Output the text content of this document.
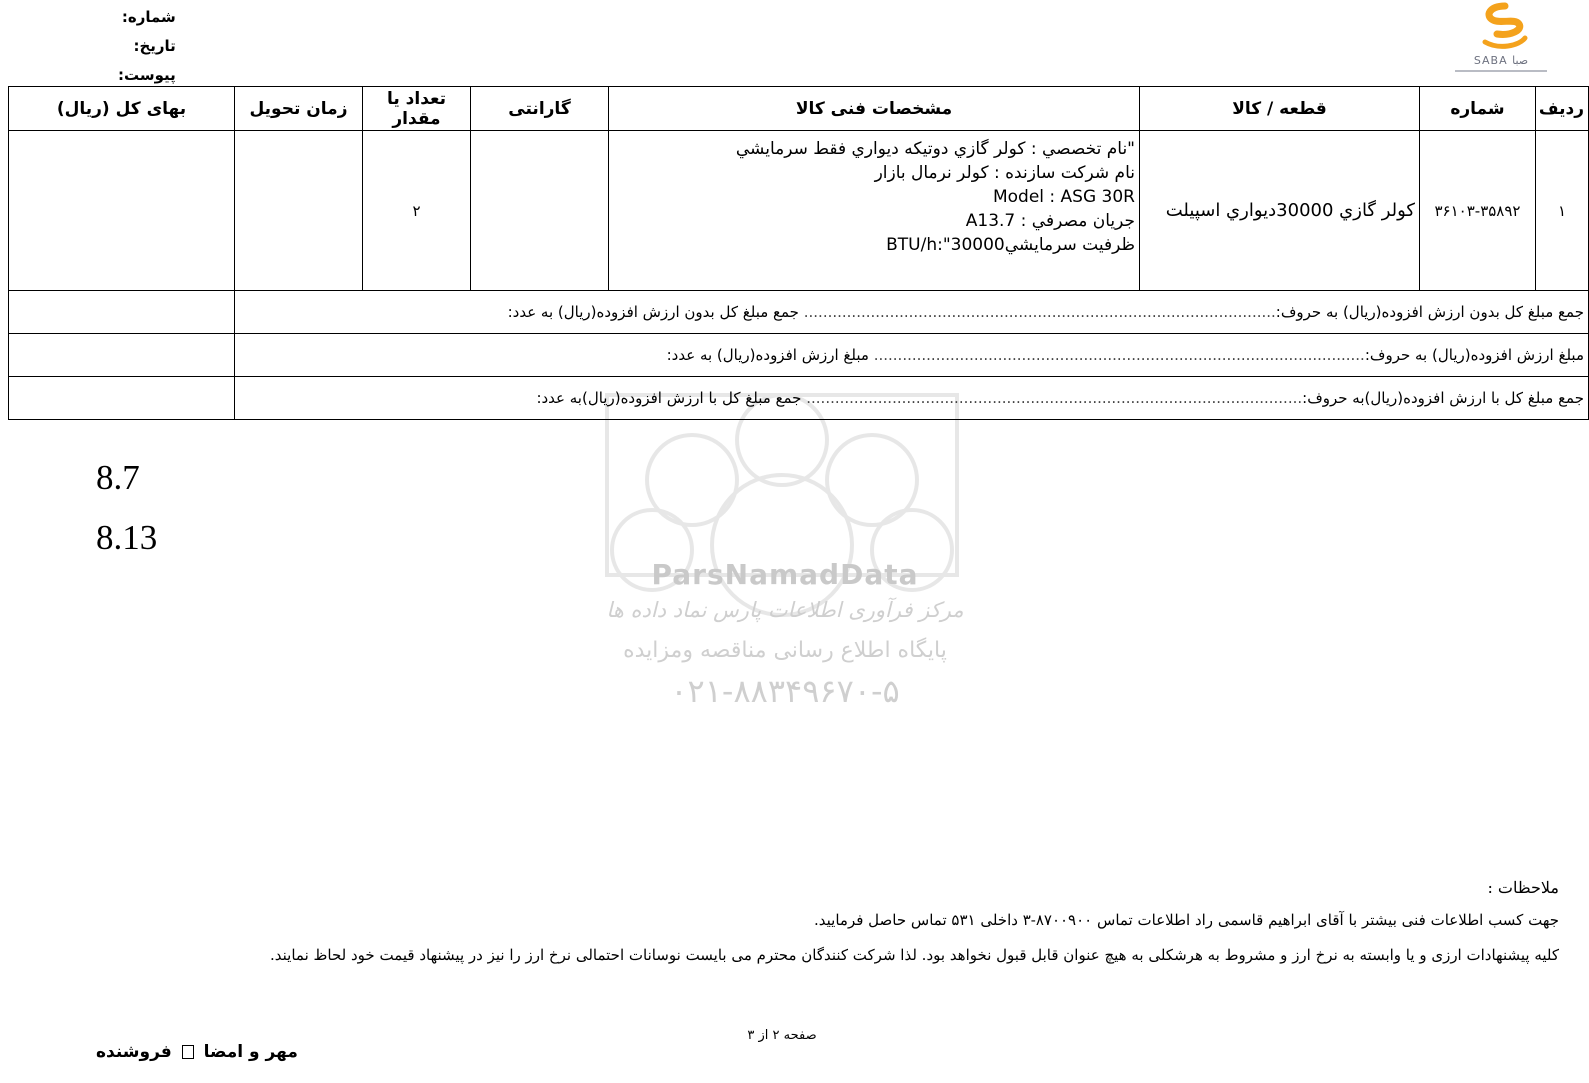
شماره:
تاریخ:
پیوست:
SABA صبا
ParsNamadData
مرکز فرآوری اطلاعات پارس نماد داده ها
پایگاه اطلاع رسانی مناقصه ومزایده
۰۲۱-۸۸۳۴۹۶۷۰-۵
ردیف	شماره	قطعه / کالا	مشخصات فنی کالا	گارانتی	تعداد یا مقدار	زمان تحویل	بهای کل (ریال)
۱	۳۶۱۰۳-۳۵۸۹۲	كولر گازي 30000ديواري اسپيلت	"نام تخصصي : كولر گازي دوتيكه ديواري فقط سرمايشي
نام شركت سازنده : كولر نرمال بازار
Model : ASG 30R
جريان مصرفي : A13.7
ظرفيت سرمايشي30000":BTU/h		۲		
جمع مبلغ کل بدون ارزش افزوده(ریال) به حروف:................................................................................................... جمع مبلغ کل بدون ارزش افزوده(ریال) به عدد:							
مبلغ ارزش افزوده(ریال) به حروف:....................................................................................................... مبلغ ارزش افزوده(ریال) به عدد:							
جمع مبلغ کل با ارزش افزوده(ریال)به حروف:........................................................................................................ جمع مبلغ کل با ارزش افزوده(ریال)به عدد:							
8.7
8.13
ملاحظات :
جهت کسب اطلاعات فنی بیشتر با آقای ابراهیم قاسمی راد اطلاعات تماس ۸۷۰۰۹۰۰-۳ داخلی ۵۳۱ تماس حاصل فرمایید.
کلیه پیشنهادات ارزی و یا وابسته به نرخ ارز و مشروط به هرشکلی به هیچ عنوان قابل قبول نخواهد بود. لذا شرکت کنندگان محترم می بایست نوسانات احتمالی نرخ ارز را نیز در پیشنهاد قیمت خود لحاظ نمایند.
صفحه ۲ از ۳
مهر و امضا  فروشنده
